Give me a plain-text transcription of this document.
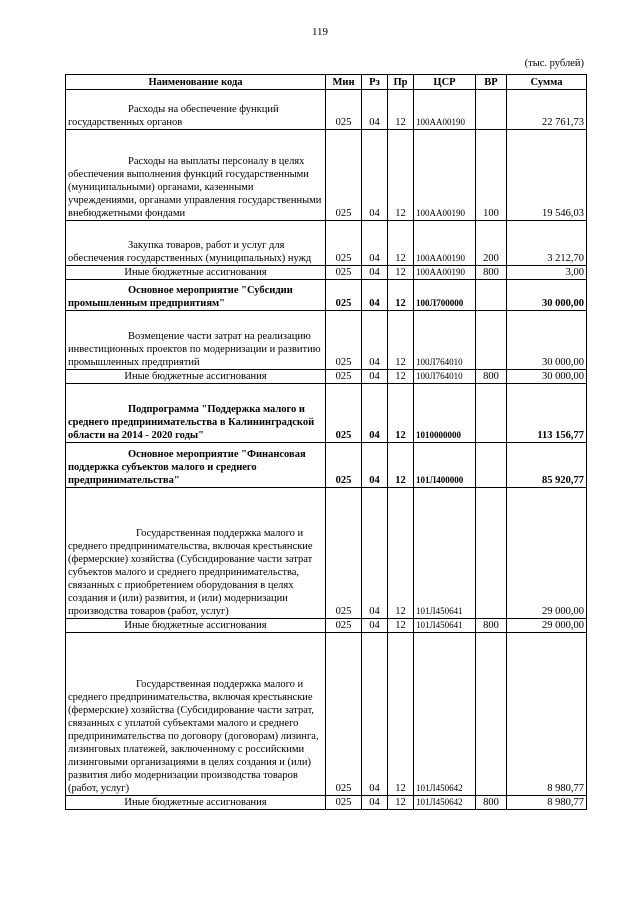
119
(тыс. рублей)
Наименование кода	Мин	Рз	Пр	ЦСР	ВР	Сумма
Расходы на обеспечение функций государственных органов	025	04	12	100АА00190		22 761,73
Расходы на выплаты персоналу в целях обеспечения выполнения функций государственными (муниципальными) органами, казенными учреждениями, органами управления государственными внебюджетными фондами	025	04	12	100АА00190	100	19 546,03
Закупка товаров, работ и услуг для обеспечения государственных (муниципальных) нужд	025	04	12	100АА00190	200	3 212,70

Иные бюджетные ассигнования	025	04	12	100АА00190	800	3,00
Основное мероприятие "Субсидии промышленным предприятиям"	025	04	12	100Л700000		30 000,00
Возмещение части затрат на реализацию инвестиционных проектов по модернизации и развитию промышленных предприятий	025	04	12	100Л764010		30 000,00

Иные бюджетные ассигнования	025	04	12	100Л764010	800	30 000,00
Подпрограмма "Поддержка малого и среднего предпринимательства в Калининградской области на 2014 - 2020 годы"	025	04	12	1010000000		113 156,77
Основное мероприятие "Финансовая поддержка субъектов малого и среднего предпринимательства"	025	04	12	101Л400000		85 920,77
Государственная поддержка малого и среднего предпринимательства, включая крестьянские (фермерские) хозяйства (Субсидирование части затрат субъектов малого и среднего предпринимательства, связанных с приобретением оборудования в целях создания и (или) развития, и (или) модернизации производства товаров (работ, услуг)	025	04	12	101Л450641		29 000,00

Иные бюджетные ассигнования	025	04	12	101Л450641	800	29 000,00
Государственная поддержка малого и среднего предпринимательства, включая крестьянские (фермерские) хозяйства (Субсидирование части затрат, связанных с уплатой субъектами малого и среднего предпринимательства по договору (договорам) лизинга, лизинговых платежей, заключенному с российскими лизинговыми организациями в целях создания и (или) развития либо модернизации производства товаров (работ, услуг)	025	04	12	101Л450642		8 980,77

Иные бюджетные ассигнования	025	04	12	101Л450642	800	8 980,77
